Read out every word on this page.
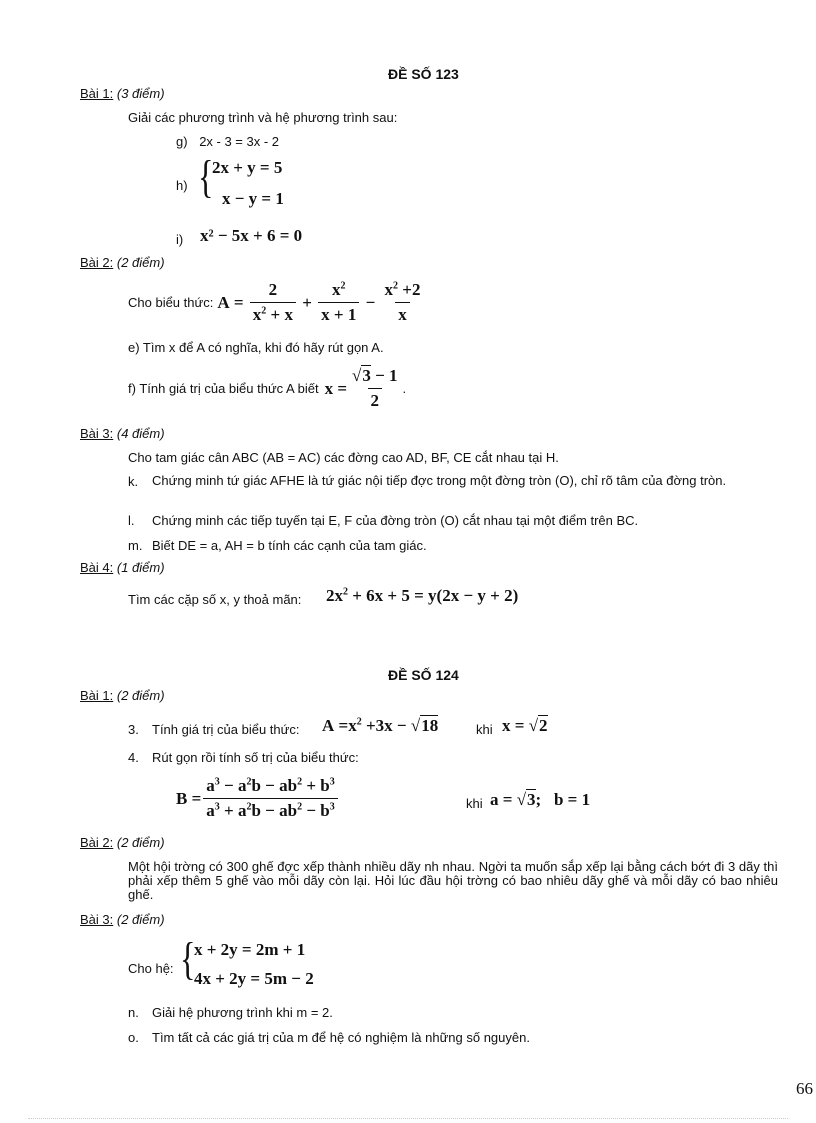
ĐỀ SỐ 123
Bài 1: (3 điểm)
Giải các phương trình và hệ phương trình sau:
g) 2x - 3 = 3x - 2
h) {
2x + y = 5
x − y = 1
i) x² − 5x + 6 = 0
Bài 2: (2 điểm)
Cho biểu thức: $A = \frac{2}{x^2 + x} + \frac{x^2}{x + 1} - \frac{x^2 +2}{x}$
e) Tìm x để A có nghĩa, khi đó hãy rút gọn A.
f) Tính giá trị của biểu thức A biết $x = \frac{√3 - 1}{2}$ .
Bài 3: (4 điểm)
Cho tam giác cân ABC (AB = AC) các đờng cao AD, BF, CE cắt nhau tại H.
k. Chứng minh tứ giác AFHE là tứ giác nội tiếp đợc trong một đờng tròn (O), chỉ rõ tâm của đờng tròn.
l. Chứng minh các tiếp tuyến tại E, F của đờng tròn (O) cắt nhau tại một điểm trên BC.
m. Biết DE = a, AH = b tính các cạnh của tam giác.
Bài 4: (1 điểm)
Tìm các cặp số x, y thoả mãn: $2x^2 + 6x + 5 = y(2x - y + 2)$
ĐỀ SỐ 124
Bài 1: (2 điểm)
3. Tính giá trị của biểu thức: $A =x^2 +3x - √18$	khi x = √2
4. Rút gọn rồi tính số trị của biểu thức:
$B = \frac{a^3 - a^2b - ab^2 + b^3}{a^3 + a^2b - ab^2 - b^3}$	khi a = √3;   b = 1
Bài 2: (2 điểm)
Một hội trờng có 300 ghế đợc xếp thành nhiều dãy nh nhau. Ngời ta muốn sắp xếp lại bằng cách bớt đi 3 dãy thì phải xếp thêm 5 ghế vào mỗi dãy còn lại. Hỏi lúc đầu hội trờng có bao nhiêu dãy ghế và mỗi dãy có bao nhiêu ghế.
Bài 3: (2 điểm)
Cho hệ: {
x + 2y = 2m + 1
4x + 2y = 5m − 2
n. Giải hệ phương trình khi m = 2.
o. Tìm tất cả các giá trị của m để hệ có nghiệm là những số nguyên.
66
